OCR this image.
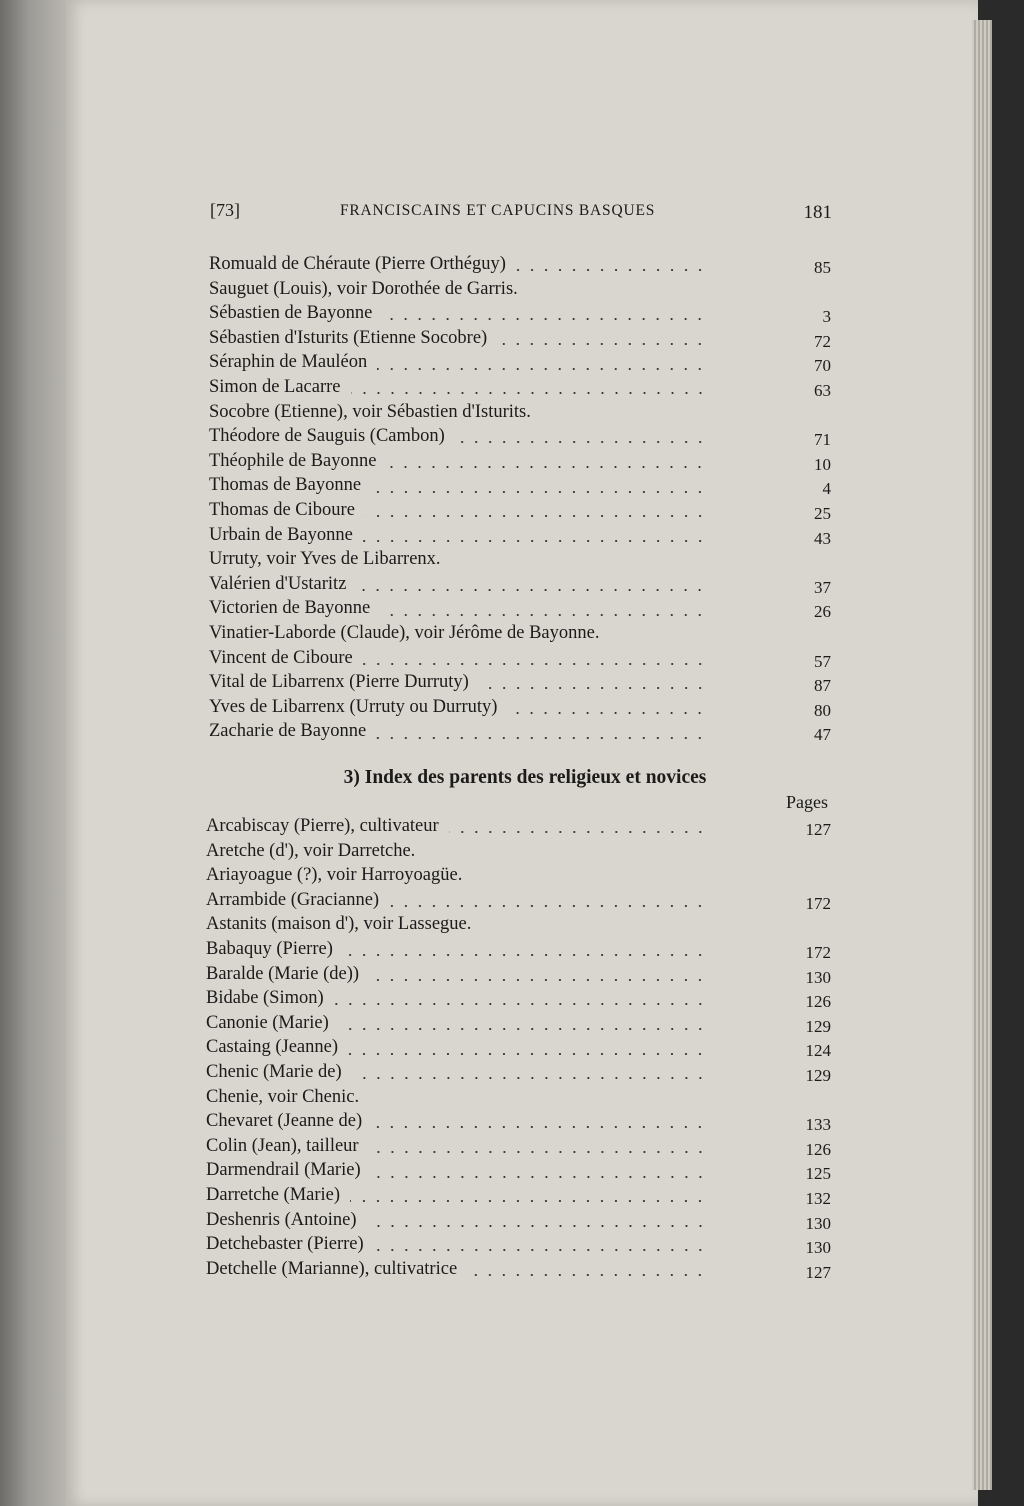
[73]	FRANCISCAINS ET CAPUCINS BASQUES	181
Romuald de Chéraute (Pierre Orthéguy)	85
Sauguet (Louis), voir Dorothée de Garris.
Sébastien de Bayonne	3
Sébastien d'Isturits (Etienne Socobre)	72
Séraphin de Mauléon	70
Simon de Lacarre	63
Socobre (Etienne), voir Sébastien d'Isturits.
Théodore de Sauguis (Cambon)	71
Théophile de Bayonne	10
Thomas de Bayonne	4
Thomas de Ciboure	25
Urbain de Bayonne	43
Urruty, voir Yves de Libarrenx.
Valérien d'Ustaritz	37
Victorien de Bayonne	26
Vinatier-Laborde (Claude), voir Jérôme de Bayonne.
Vincent de Ciboure	57
Vital de Libarrenx (Pierre Durruty)	87
Yves de Libarrenx (Urruty ou Durruty)	80
Zacharie de Bayonne	47
3) Index des parents des religieux et novices
Pages
Arcabiscay (Pierre), cultivateur	127
Aretche (d'), voir Darretche.
Ariayoague (?), voir Harroyoagüe.
Arrambide (Gracianne)	172
Astanits (maison d'), voir Lassegue.
Babaquy (Pierre)	172
Baralde (Marie (de))	130
Bidabe (Simon)	126
Canonie (Marie)	129
Castaing (Jeanne)	124
Chenic (Marie de)	129
Chenie, voir Chenic.
Chevaret (Jeanne de)	133
Colin (Jean), tailleur	126
Darmendrail (Marie)	125
Darretche (Marie)	132
Deshenris (Antoine)	130
Detchebaster (Pierre)	130
Detchelle (Marianne), cultivatrice	127
